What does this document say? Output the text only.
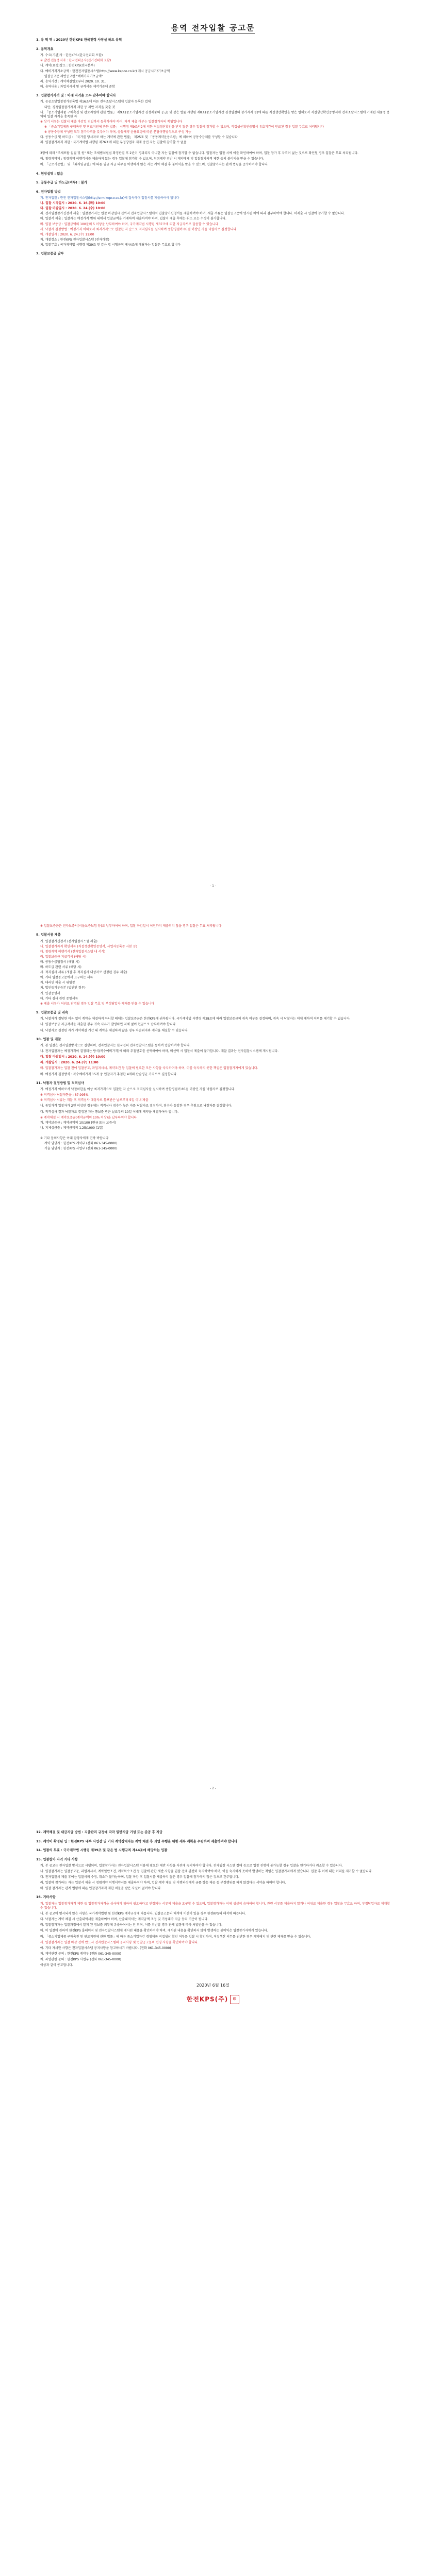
용역 전자입찰 공고문
1. 용 역 명 : 2020년 한전KPS 한국전력 사장실 하드 용역
2. 용역개요
가. 수요(기관)자 : 한전KPS (한국전력회 포함)
※ 발전 전문용역자 : 한국전력공사(전기전력회 포함)
나. 계약(요청)장소 : 한전KPS(전국본부)
다. 예비가격기초금액 : 한전전자입찰시스템(http://www.kepco.co.kr) 게시 공급시기/기초금액
입찰공고문 제반공고란 "예비가격기초금액"
라. 용역기간 : 계약체결일로부터 2020. 10. 31.
마. 용역내용 : 과업지시서 및 규격서를 제작기준에 준함
3. 입찰참가자격 및 : 아래 자격을 모두 갖추어야 합니다
가. 공공조달입찰참가등록법 제16조에 따른 전자조달시스템에 입찰자 등록한 업체
다만, 경쟁입찰참가자격 제한 등 제반 자격을 갖출 것
나. 「중소기업제품 구매촉진 및 판로지원에 관한 법률」 제9조(중소기업자간 경쟁제품의 공급) 및 같은 법률 시행령 제8조(중소기업자간 경쟁입찰의 참가자격 등)에 따른 직접생산확인을 받은 업체로서 직접생산확인증명서에 전자조달시스템에 기재된 제품명 용역의 입찰 자격을 충족한 자
※ 상기 서류는 입찰서 제출 마감일 전일까지 등록하여야 하며, 자격 제출 여부는 입찰참가자의 책임입니다
※ 「중소기업제품 구매촉진 및 판로지원에 관한 법률」 시행령 제9조의2에 의한 직접생산확인을 받지 않은 경우 입찰에 참가할 수 없으며, 직접생산확인증명서 유효기간이 만료된 경우 입찰 무효로 처리됩니다
※ 공동수급체 구성원 모두 참가자격을 갖추어야 하며, 공동계약 운용요령에 따른 분담이행방식으로 구성 가능
다. 공동수급 및 하도급 : 「국가를 당사자로 하는 계약에 관한 법률」 제25조 및 「공동계약운용요령」에 의하여 공동수급체를 구성할 수 있습니다
라. 입찰참가자격 제한 : 국가계약법 시행령 제76조에 의한 부정당업자 제재 중인 자는 입찰에 참가할 수 없음
3항에 따라 "조세포탈 실질 및 원" 또는 조세범처벌법 확정판결 후 2년이 경과되지 아니한 자는 입찰에 참가할 수 없습니다. 입찰자는 입찰 시에 이를 확인하여야 하며, 입찰 참가 후 자격이 없는 것으로 확인될 경우 입찰은 무효 처리됩니다.
마. 청렴계약제 : 청렴계약 이행각서를 제출하지 않는 경우 입찰에 참가할 수 없으며, 청렴계약 위반 시 계약해제 및 입찰참가자격 제한 등의 불이익을 받을 수 있습니다.
바. 「근로기준법」 및 「최저임금법」에 따른 임금 지급 의무를 이행하지 않은 자는 계약 체결 후 불이익을 받을 수 있으며, 입찰참가자는 관계 법령을 준수하여야 합니다.
4. 현장설명 : 없음
5. 공동수급 및 하도급(여부) : 불가
6. 전자입찰 방법
가. 전자입찰 : 한전 전자입찰시스템(http://srm.kepco.co.kr)에 접속하여 입찰서를 제출하여야 합니다
나. 입찰 시작일시 : 2020. 6. 16.(화) 10:00
다. 입찰 마감일시 : 2020. 6. 24.(수) 10:00
라. 전자입찰참가신청서 제출 : 입찰참가자는 입찰 마감일시 전까지 전자입찰시스템에서 입찰참가신청서를 제출하여야 하며, 제출 서류는 입찰공고문에 명시된 바에 따라 첨부하여야 합니다. 미제출 시 입찰에 참가할 수 없습니다.
마. 입찰서 제출 : 입찰자는 예정가격 범위 내에서 입찰금액을 기재하여 제출하여야 하며, 입찰서 제출 후에는 취소 또는 수정이 불가합니다.
바. 입찰 보증금 : 입찰금액의 100분의 5 이상을 납부하여야 하며, 국가계약법 시행령 제37조에 의한 지급각서로 갈음할 수 있습니다
사. 낙찰자 결정방법 : 예정가격 이하로서 최저가격으로 입찰한 자 순으로 적격심사를 실시하여 종합평점이 85점 이상인 자를 낙찰자로 결정합니다
아. 개찰일시 : 2020. 6. 24.(수) 11:00
자. 개찰장소 : 한전KPS 전자입찰시스템 (전자개찰)
차. 입찰무효 : 국가계약법 시행령 제39조 및 같은 법 시행규칙 제44조에 해당하는 입찰은 무효로 합니다
7. 입찰보증금 납부
- 1 -
※ 입찰보증금은 전자보증서(서울보증보험 등)로 납부하여야 하며, 입찰 마감일시 이전까지 제출되지 않을 경우 입찰은 무효 처리됩니다
8. 입찰서류 제출
가. 입찰참가신청서 (전자입찰시스템 제출)
나. 입찰참가자격 확인서류 (직접생산확인증명서, 사업자등록증 사본 등)
다. 청렴계약 이행각서 (전자입찰시스템 내 서식)
라. 입찰보증금 지급각서 (해당 시)
마. 공동수급협정서 (해당 시)
바. 하도급 관련 서류 (해당 시)
사. 적격심사 서류 (개찰 후 적격심사 대상자로 선정된 경우 제출)
아. 기타 입찰공고문에서 요구하는 서류
자. 대리인 제출 시 위임장
차. 법인등기부등본 (법인인 경우)
카. 인감증명서
타. 기타 심사 관련 증빙서류
※ 제출 서류가 허위로 판명될 경우 입찰 무효 및 부정당업자 제재를 받을 수 있습니다
9. 입찰보증금 및 귀속
가. 낙찰자가 정당한 이유 없이 계약을 체결하지 아니할 때에는 입찰보증금은 한전KPS에 귀속됩니다. 국가계약법 시행령 제38조에 따라 입찰보증금의 귀속 여부를 결정하며, 귀속 시 낙찰자는 이에 대하여 이의를 제기할 수 없습니다.
나. 입찰보증금 지급각서를 제출한 경우 귀속 사유가 발생하면 지체 없이 현금으로 납부하여야 합니다.
다. 낙찰자로 결정된 자가 계약체결 기간 내 계약을 체결하지 않을 경우 차순위자와 계약을 체결할 수 있습니다.
10. 입찰 및 개찰
가. 본 입찰은 전자입찰방식으로 집행하며, 전자입찰자는 한국전력 전자입찰시스템을 통하여 입찰하여야 합니다.
나. 전자입찰자는 예정가격이 결정되는 방식(복수예비가격)에 따라 추첨번호를 선택하여야 하며, 미선택 시 입찰서 제출이 불가합니다. 개찰 결과는 전자입찰시스템에 게시됩니다.
다. 입찰 마감일시 : 2020. 6. 24.(수) 10:00
라. 개찰일시 : 2020. 6. 24.(수) 11:00
마. 입찰참가자는 입찰 전에 입찰공고, 과업지시서, 계약조건 등 입찰에 필요한 모든 사항을 숙지하여야 하며, 이를 숙지하지 못한 책임은 입찰참가자에게 있습니다.
바. 예정가격 결정방식 : 복수예비가격 15개 중 입찰자가 추첨한 4개의 산술평균 가격으로 결정합니다.
11. 낙찰자 결정방법 및 적격심사
가. 예정가격 이하로서 낙찰하한율 이상 최저가격으로 입찰한 자 순으로 적격심사를 실시하여 종합평점이 85점 이상인 자를 낙찰자로 결정합니다.
※ 적격심사 낙찰하한율 : 87.995%
※ 적격심사 서류는 개찰 후 적격심사 대상자로 통보받은 날로부터 5일 이내 제출
나. 동일가격 입찰자가 2인 이상인 경우에는 적격심사 점수가 높은 자를 낙찰자로 결정하며, 점수가 동일한 경우 추첨으로 낙찰자를 결정합니다.
다. 적격심사 결과 낙찰자로 결정된 자는 통보를 받은 날로부터 10일 이내에 계약을 체결하여야 합니다.
※ 계약체결 시 계약보증금(계약금액의 10% 이상)을 납부하여야 합니다
가. 계약보증금 : 계약금액의 10/100 (현금 또는 보증서)
나. 지체상금률 : 계약금액의 1.25/1000 (1일)
※ 기타 문의사항은 아래 담당자에게 연락 바랍니다
계약 담당자 : 한전KPS 계약부 (전화 061-345-0000)
기술 담당자 : 한전KPS 사업부 (전화 061-345-0000)
- 2 -
12. 계약체결 및 대금지급 방법 : 지출관리 규정에 따라 일반지급 기성 또는 준공 후 지급
13. 계약이 확정된 입 : 한전KPS 내부 사업장 및 기타 계약상대자는 계약 체결 후 과업 수행을 위한 세부 계획을 수립하여 제출하여야 합니다
14. 입찰의 무효 : 국가계약법 시행령 제39조 및 같은 법 시행규칙 제44조에 해당하는 입찰
15. 입찰참가 자격 기타 사항
가. 본 공고는 전자입찰 방식으로 시행되며, 입찰참가자는 전자입찰시스템 이용에 필요한 제반 사항을 사전에 숙지하여야 합니다. 전자입찰 시스템 장애 등으로 입찰 진행이 불가능할 경우 입찰을 연기하거나 취소할 수 있습니다.
나. 입찰참가자는 입찰공고문, 과업지시서, 계약일반조건, 계약특수조건 등 입찰에 관한 제반 사항을 입찰 전에 완전히 숙지하여야 하며, 이를 숙지하지 못하여 발생하는 책임은 입찰참가자에게 있습니다. 입찰 후 이에 대한 이의를 제기할 수 없습니다.
다. 전자입찰서 제출 후에는 입찰서의 수정, 취소가 불가능하며, 입찰 마감 후 입찰서를 제출하지 않은 경우 입찰에 참가하지 않은 것으로 간주합니다.
라. 입찰에 참가하는 자는 입찰서 제출 시 청렴계약 이행서약서를 제출하여야 하며, 입찰·계약 체결 및 이행과정에서 금품·향응 제공 등 부정행위를 하지 않겠다는 서약을 하여야 합니다.
마. 입찰 참가자는 관계 법령에 따른 입찰참가자격 제한 처분을 받은 사실이 없어야 합니다.
16. 기타사항
가. 입찰자는 입찰참가자격 제한 등 입찰참가자격을 심사하기 위하여 필요하다고 인정되는 서류의 제출을 요구할 수 있으며, 입찰참가자는 이에 성실히 응하여야 합니다. 관련 서류를 제출하지 않거나 허위로 제출한 경우 입찰을 무효로 하며, 부정당업자로 제재할 수 있습니다.
나. 본 공고에 명시되지 않은 사항은 국가계약법령 및 한전KPS 계약규정에 따릅니다. 입찰공고문의 해석에 이견이 있을 경우 한전KPS의 해석에 따릅니다.
다. 낙찰자는 계약 체결 시 산출내역서를 제출하여야 하며, 산출내역서는 계약금액 조정 및 기성대가 지급 등의 기준이 됩니다.
라. 입찰참가자는 입찰과정에서 알게 된 정보를 외부에 유출하여서는 안 되며, 이를 위반할 경우 관계 법령에 따라 처벌받을 수 있습니다.
마. 이 입찰에 관하여 한전KPS 홈페이지 및 전자입찰시스템에 게시된 내용을 확인하여야 하며, 게시된 내용을 확인하지 않아 발생하는 불이익은 입찰참가자에게 있습니다.
바. 「중소기업제품 구매촉진 및 판로지원에 관한 법률」에 따른 중소기업자간 경쟁제품 직접생산 확인 여부를 입찰 시 확인하며, 직접생산 의무를 위반한 경우 계약해지 및 관련 제재를 받을 수 있습니다.
사. 입찰참가자는 입찰 마감 전에 반드시 전자입찰시스템의 공지사항 및 입찰공고문의 변경 사항을 확인하여야 합니다.
아. 기타 자세한 사항은 전자입찰시스템 공지사항을 참고하시기 바랍니다. (전화 061-345-0000)
자. 계약관련 문의 : 한전KPS 계약부 (전화 061-345-0000)
차. 과업관련 문의 : 한전KPS 사업부 (전화 061-345-0000)
이상과 같이 공고합니다.
2020년 6월 16일
한전KPS(주) 印
